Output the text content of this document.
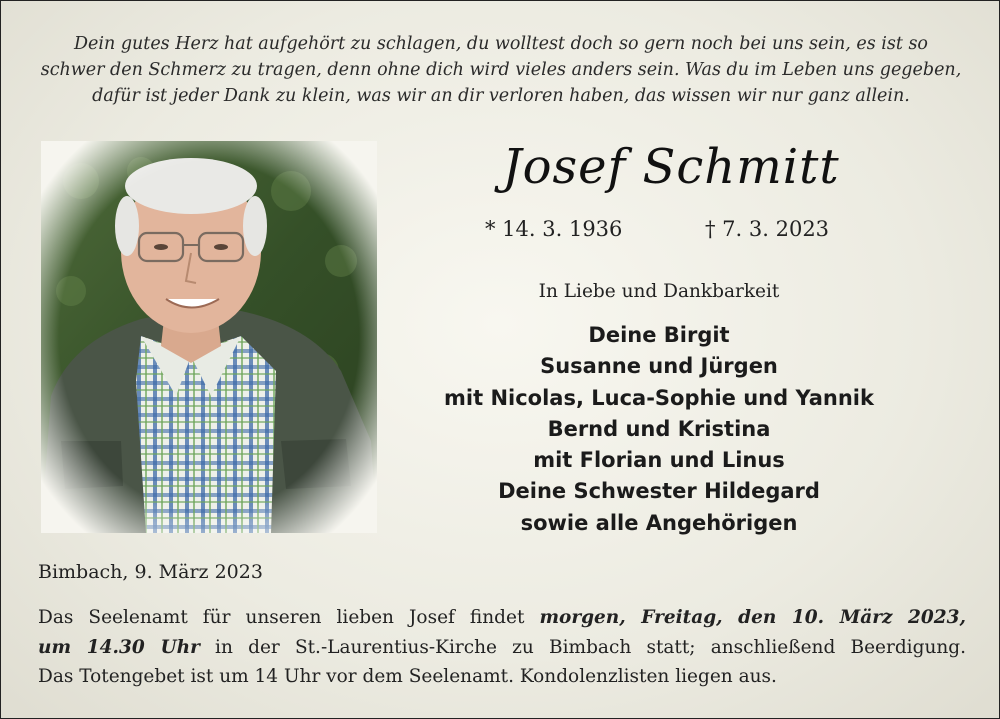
Dein gutes Herz hat aufgehört zu schlagen, du wolltest doch so gern noch bei uns sein, es ist so
schwer den Schmerz zu tragen, denn ohne dich wird vieles anders sein. Was du im Leben uns gegeben,
dafür ist jeder Dank zu klein, was wir an dir verloren haben, das wissen wir nur ganz allein.
Josef Schmitt
* 14. 3. 1936	† 7. 3. 2023
In Liebe und Dankbarkeit
Deine Birgit
Susanne und Jürgen
mit Nicolas, Luca-Sophie und Yannik
Bernd und Kristina
mit Florian und Linus
Deine Schwester Hildegard
sowie alle Angehörigen
Bimbach, 9. März 2023
Das Seelenamt für unseren lieben Josef findet morgen, Freitag, den 10. März 2023,
um 14.30 Uhr in der St.-Laurentius-Kirche zu Bimbach statt; anschließend Beerdigung.
Das Totengebet ist um 14 Uhr vor dem Seelenamt. Kondolenzlisten liegen aus.
